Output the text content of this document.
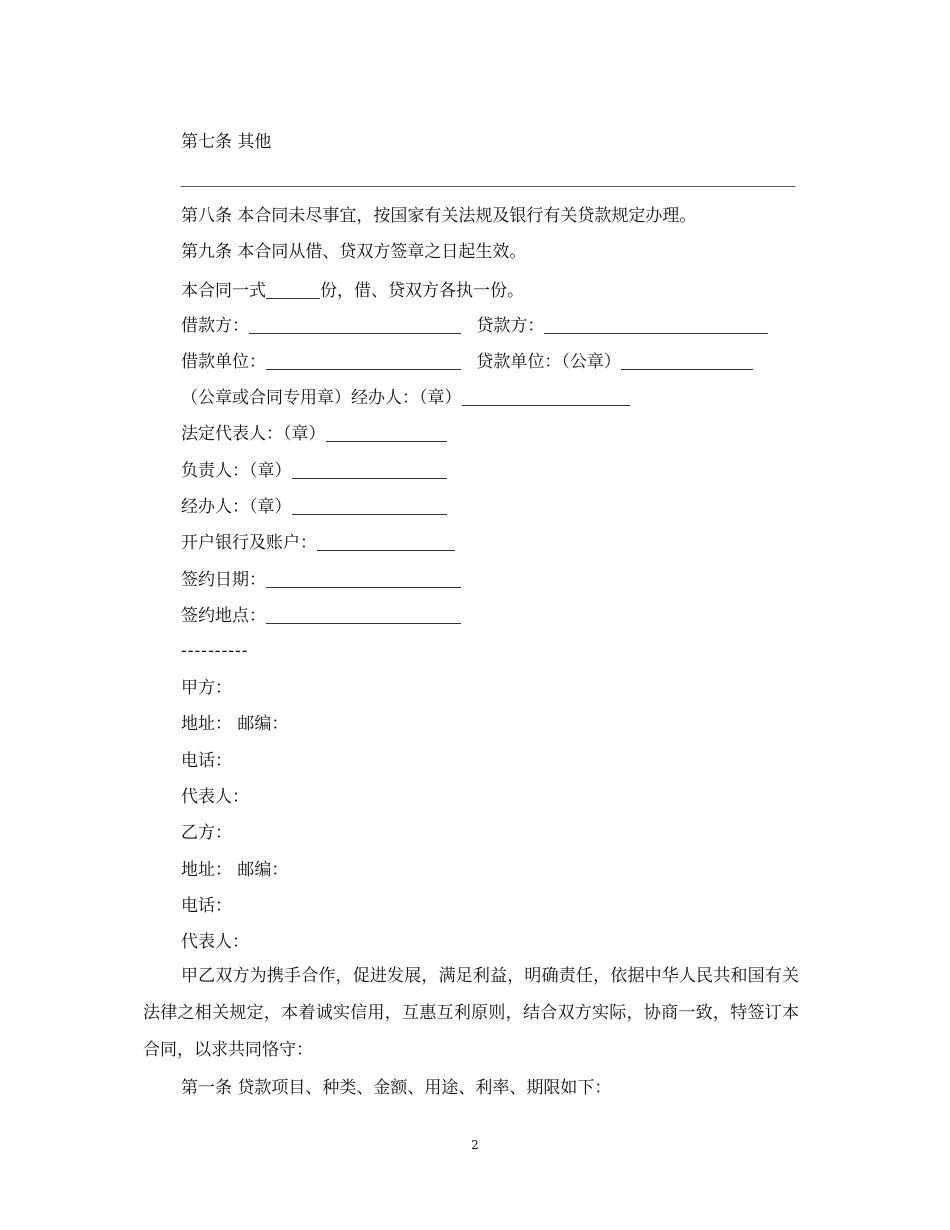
第七条 其他
第八条 本合同未尽事宜，按国家有关法规及银行有关贷款规定办理。
第九条 本合同从借、贷双方签章之日起生效。
本合同一式	份，借、贷双方各执一份。
借款方：	贷款方：
借款单位：	贷款单位：（公章）
（公章或合同专用章）经办人：（章）
法定代表人：（章）
负责人：（章）
经办人：（章）
开户银行及账户：
签约日期：
签约地点：
----------
甲方：
地址： 邮编：
电话：
代表人：
乙方：
地址： 邮编：
电话：
代表人：
甲乙双方为携手合作，促进发展，满足利益，明确责任，依据中华人民共和国有关法律之相关规定，本着诚实信用，互惠互利原则，结合双方实际，协商一致，特签订本合同，以求共同恪守：
第一条 贷款项目、种类、金额、用途、利率、期限如下：
2
